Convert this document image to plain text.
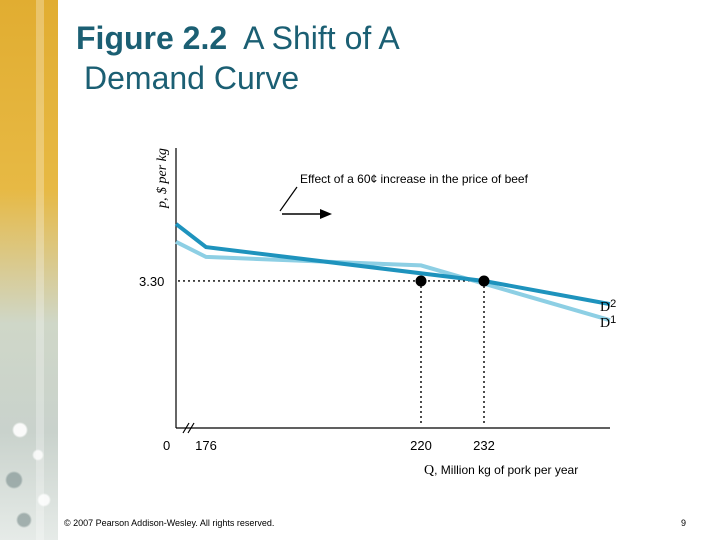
Figure 2.2 A Shift of A
Demand Curve
p, $ per kg
$D^1$
$D^2$
0 176	220	232
3.30
Effect of a 60¢ increase in the price of beef
Q, Million kg of pork per year
© 2007 Pearson Addison-Wesley. All rights reserved.	9
